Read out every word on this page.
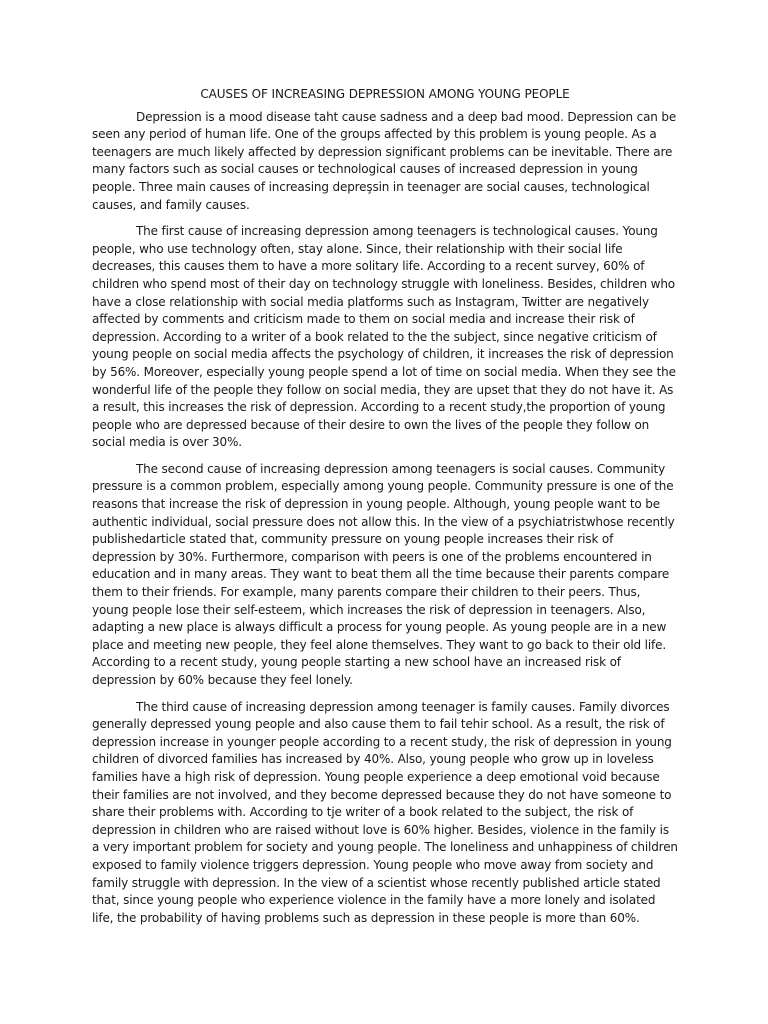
CAUSES OF INCREASING DEPRESSION AMONG YOUNG PEOPLE

Depression is a mood disease taht cause sadness and a deep bad mood. Depression can be seen any period of human life. One of the groups affected by this problem is young people. As a teenagers are much likely affected by depression significant problems can be inevitable. There are many factors such as social causes or technological causes of increased depression in young people. Three main causes of increasing depreşsin in teenager are social causes, technological causes, and family causes.

The first cause of increasing depression among teenagers is technological causes. Young people, who use technology often, stay alone. Since, their relationship with their social life decreases, this causes them to have a more solitary life. According to a recent survey, 60% of children who spend most of their day on technology struggle with loneliness. Besides, children who have a close relationship with social media platforms such as Instagram, Twitter are negatively affected by comments and criticism made to them on social media and increase their risk of depression. According to a writer of a book related to the the subject, since negative criticism of young people on social media affects the psychology of children, it increases the risk of depression by 56%. Moreover, especially young people spend a lot of time on social media. When they see the wonderful life of the people they follow on social media, they are upset that they do not have it. As a result, this increases the risk of depression. According to a recent study,the proportion of young people who are depressed because of their desire to own the lives of the people they follow on social media is over 30%.

The second cause of increasing depression among teenagers is social causes. Community pressure is a common problem, especially among young people. Community pressure is one of the reasons that increase the risk of depression in young people. Although, young people want to be authentic individual, social pressure does not allow this. In the view of a psychiatristwhose recently publishedarticle stated that, community pressure on young people increases their risk of depression by 30%. Furthermore, comparison with peers is one of the problems encountered in education and in many areas. They want to beat them all the time because their parents compare them to their friends. For example, many parents compare their children to their peers. Thus, young people lose their self-esteem, which increases the risk of depression in teenagers. Also, adapting a new place is always difficult a process for young people. As young people are in a new place and meeting new people, they feel alone themselves. They want to go back to their old life. According to a recent study, young people starting a new school have an increased risk of depression by 60% because they feel lonely.

The third cause of increasing depression among teenager is family causes. Family divorces generally depressed young people and also cause them to fail tehir school. As a result, the risk of depression increase in younger people according to a recent study, the risk of depression in young children of divorced families has increased by 40%. Also, young people who grow up in loveless families have a high risk of depression. Young people experience a deep emotional void because their families are not involved, and they become depressed because they do not have someone to share their problems with. According to tje writer of a book related to the subject, the risk of depression in children who are raised without love is 60% higher. Besides, violence in the family is a very important problem for society and young people. The loneliness and unhappiness of children exposed to family violence triggers depression. Young people who move away from society and family struggle with depression. In the view of a scientist whose recently published article stated that, since young people who experience violence in the family have a more lonely and isolated life, the probability of having problems such as depression in these people is more than 60%.
